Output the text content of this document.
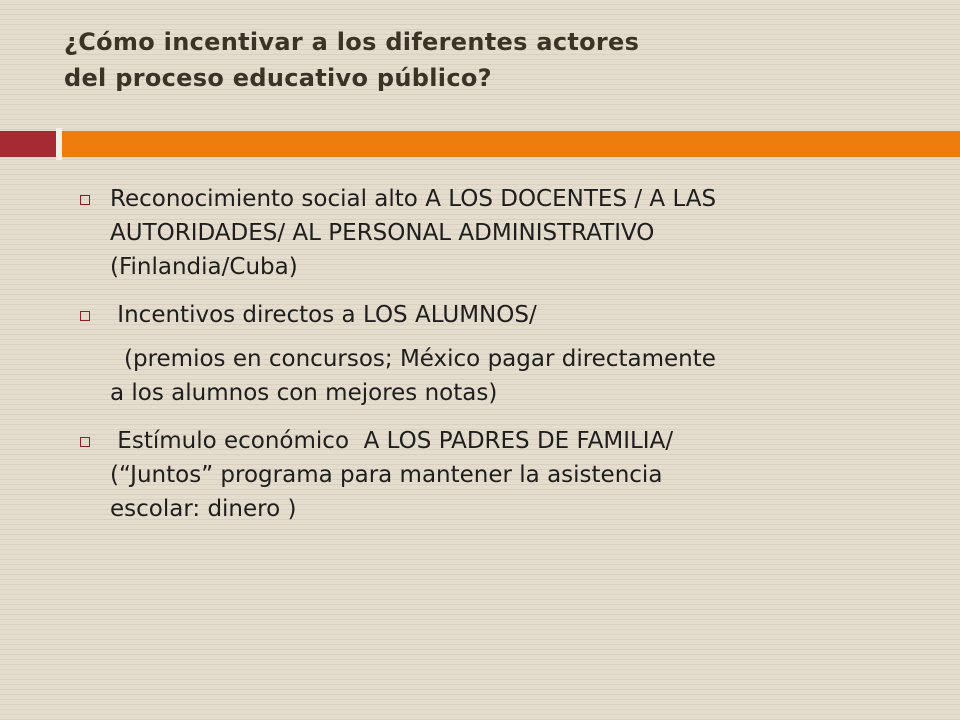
¿Cómo incentivar a los diferentes actores
del proceso educativo público?
Reconocimiento social alto A LOS DOCENTES / A LAS
AUTORIDADES/ AL PERSONAL ADMINISTRATIVO
(Finlandia/Cuba)
Incentivos directos a LOS ALUMNOS/
(premios en concursos; México pagar directamente
a los alumnos con mejores notas)
Estímulo económico  A LOS PADRES DE FAMILIA/
(“Juntos” programa para mantener la asistencia
escolar: dinero )
